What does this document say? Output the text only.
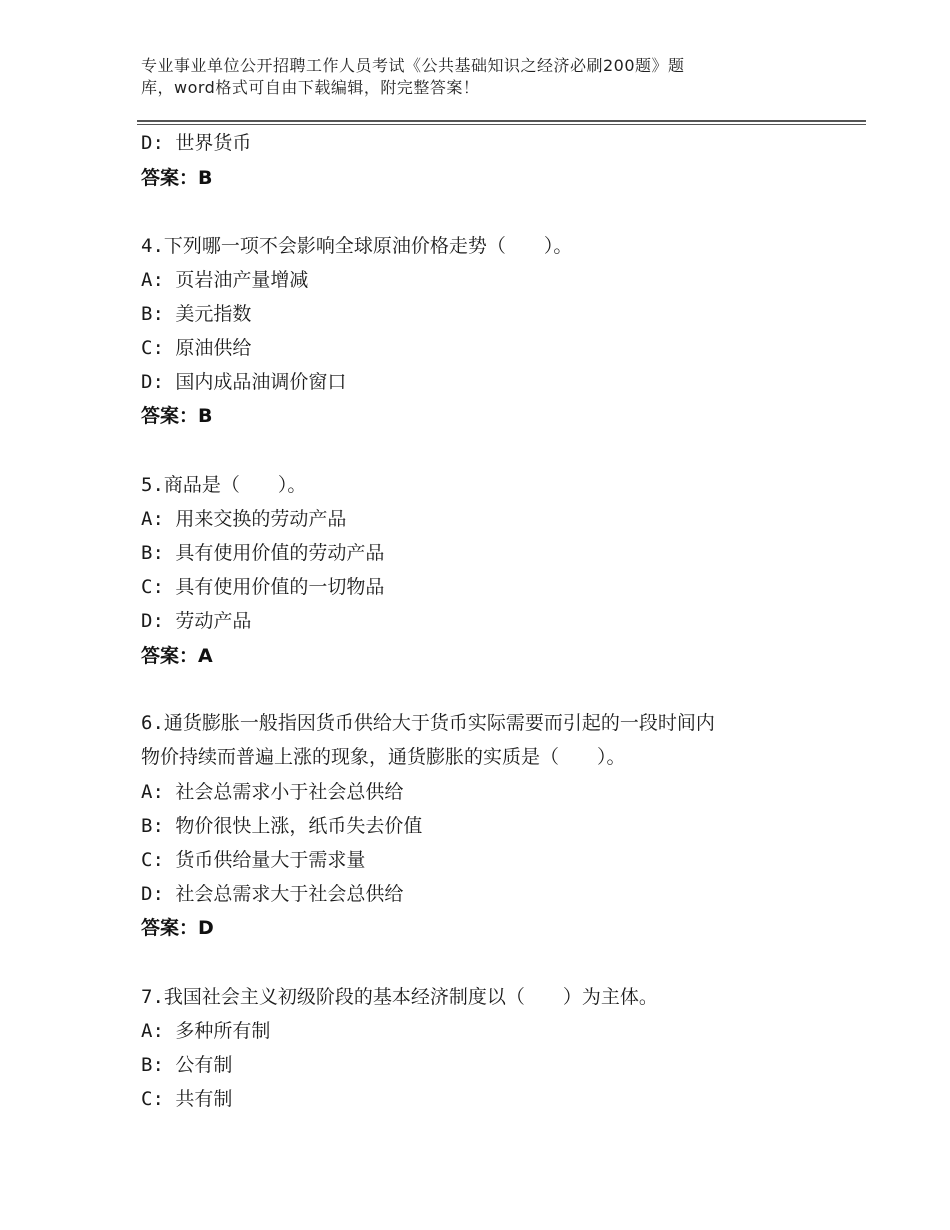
专业事业单位公开招聘工作人员考试《公共基础知识之经济必刷200题》题
库，word格式可自由下载编辑，附完整答案！
D: 世界货币
答案：B
4.下列哪一项不会影响全球原油价格走势（　　）。
A: 页岩油产量增减
B: 美元指数
C: 原油供给
D: 国内成品油调价窗口
答案：B
5.商品是（　　）。
A: 用来交换的劳动产品
B: 具有使用价值的劳动产品
C: 具有使用价值的一切物品
D: 劳动产品
答案：A
6.通货膨胀一般指因货币供给大于货币实际需要而引起的一段时间内
物价持续而普遍上涨的现象，通货膨胀的实质是（　　）。
A: 社会总需求小于社会总供给
B: 物价很快上涨，纸币失去价值
C: 货币供给量大于需求量
D: 社会总需求大于社会总供给
答案：D
7.我国社会主义初级阶段的基本经济制度以（　　）为主体。
A: 多种所有制
B: 公有制
C: 共有制
